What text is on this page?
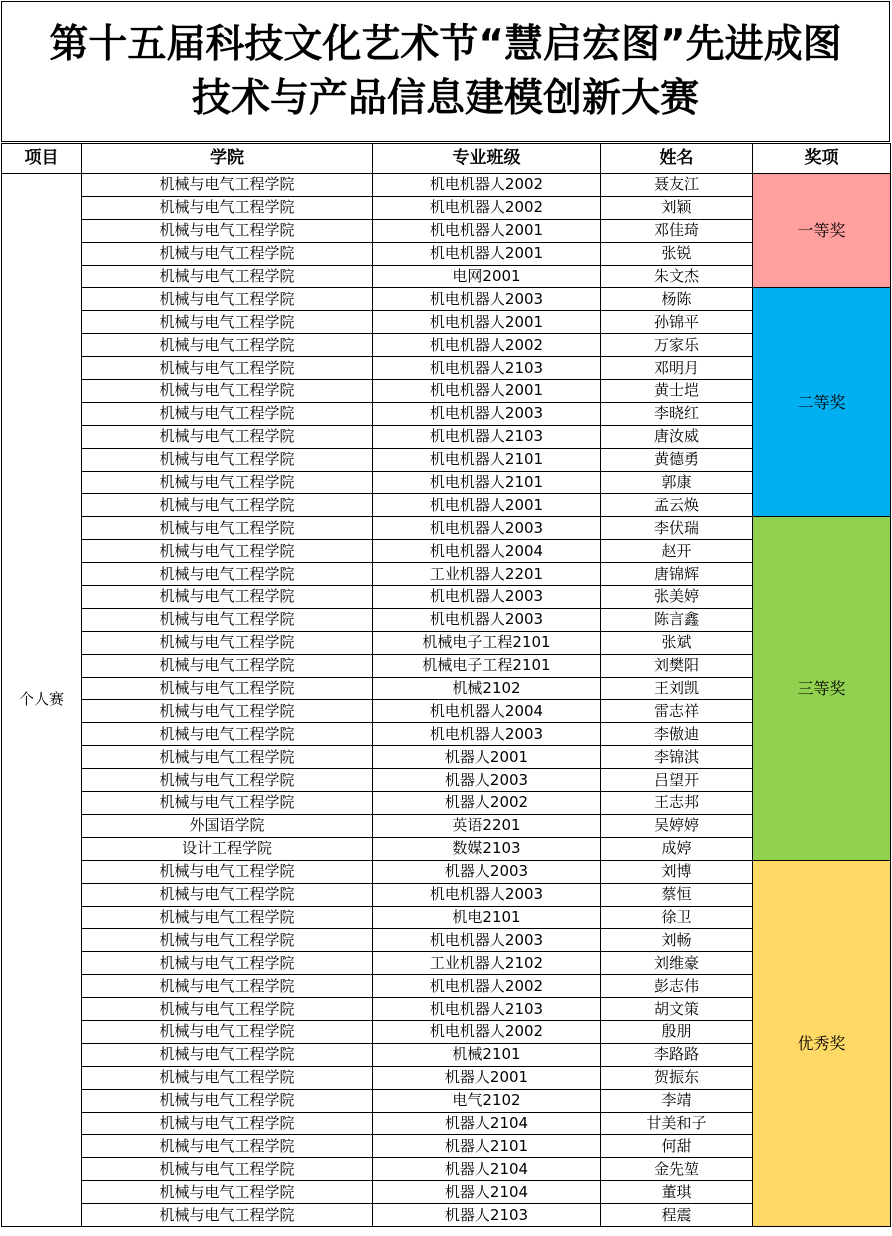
第十五届科技文化艺术节“慧启宏图”先进成图
技术与产品信息建模创新大赛
项目	学院	专业班级	姓名	奖项
个人赛	机械与电气工程学院	机电机器人2002	聂友江	一等奖
	机械与电气工程学院	机电机器人2002	刘颖	
	机械与电气工程学院	机电机器人2001	邓佳琦	
	机械与电气工程学院	机电机器人2001	张锐	
	机械与电气工程学院	电网2001	朱文杰	
	机械与电气工程学院	机电机器人2003	杨陈	二等奖
	机械与电气工程学院	机电机器人2001	孙锦平	
	机械与电气工程学院	机电机器人2002	万家乐	
	机械与电气工程学院	机电机器人2103	邓明月	
	机械与电气工程学院	机电机器人2001	黄士垲	
	机械与电气工程学院	机电机器人2003	李晓红	
	机械与电气工程学院	机电机器人2103	唐汝威	
	机械与电气工程学院	机电机器人2101	黄德勇	
	机械与电气工程学院	机电机器人2101	郭康	
	机械与电气工程学院	机电机器人2001	孟云焕	
	机械与电气工程学院	机电机器人2003	李伏瑞	三等奖
	机械与电气工程学院	机电机器人2004	赵开	
	机械与电气工程学院	工业机器人2201	唐锦辉	
	机械与电气工程学院	机电机器人2003	张美婷	
	机械与电气工程学院	机电机器人2003	陈言鑫	
	机械与电气工程学院	机械电子工程2101	张斌	
	机械与电气工程学院	机械电子工程2101	刘樊阳	
	机械与电气工程学院	机械2102	王刘凯	
	机械与电气工程学院	机电机器人2004	雷志祥	
	机械与电气工程学院	机电机器人2003	李傲迪	
	机械与电气工程学院	机器人2001	李锦淇	
	机械与电气工程学院	机器人2003	吕望开	
	机械与电气工程学院	机器人2002	王志邦	
	外国语学院	英语2201	吴婷婷	
	设计工程学院	数媒2103	成婷	
	机械与电气工程学院	机器人2003	刘博	优秀奖
	机械与电气工程学院	机电机器人2003	蔡恒	
	机械与电气工程学院	机电2101	徐卫	
	机械与电气工程学院	机电机器人2003	刘畅	
	机械与电气工程学院	工业机器人2102	刘维豪	
	机械与电气工程学院	机电机器人2002	彭志伟	
	机械与电气工程学院	机电机器人2103	胡文策	
	机械与电气工程学院	机电机器人2002	殷朋	
	机械与电气工程学院	机械2101	李路路	
	机械与电气工程学院	机器人2001	贺振东	
	机械与电气工程学院	电气2102	李靖	
	机械与电气工程学院	机器人2104	甘美和子	
	机械与电气工程学院	机器人2101	何甜	
	机械与电气工程学院	机器人2104	金先堃	
	机械与电气工程学院	机器人2104	董琪	
	机械与电气工程学院	机器人2103	程震	
